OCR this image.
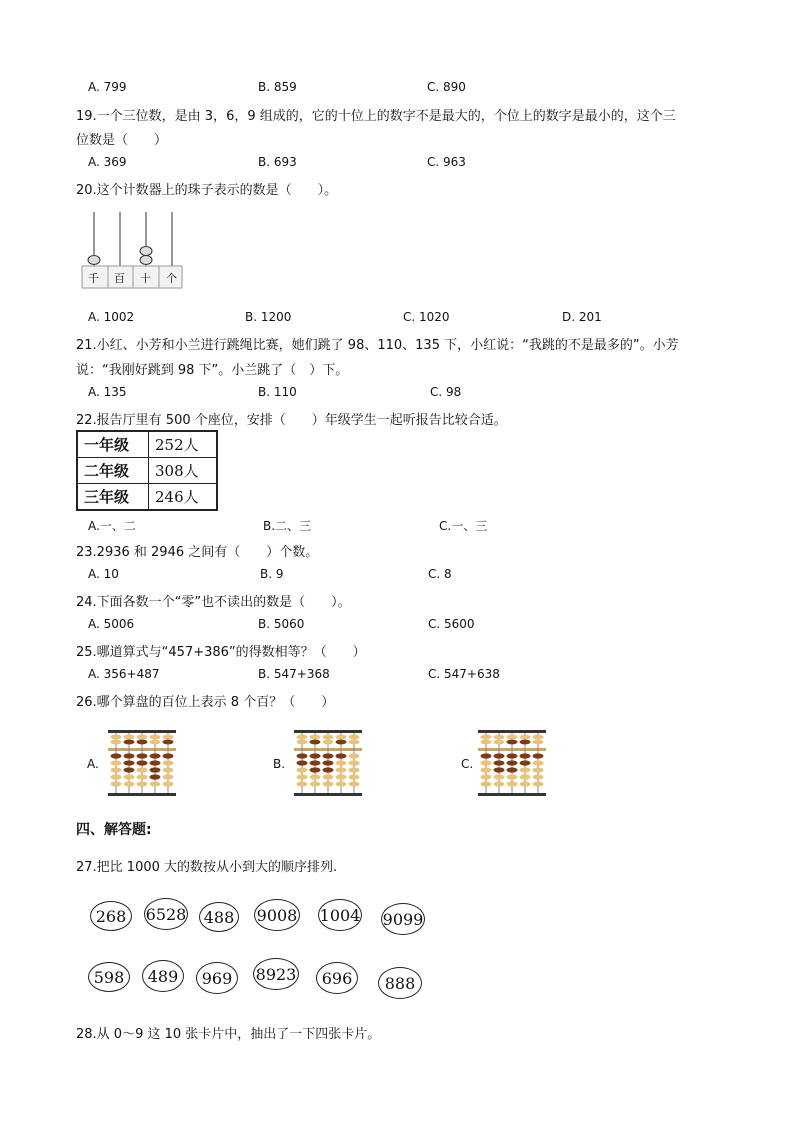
A. 799	B. 859	C. 890
19.一个三位数，是由 3，6，9 组成的，它的十位上的数字不是最大的，个位上的数字是最小的，这个三
位数是（　　）
A. 369	B. 693	C. 963
20.这个计数器上的珠子表示的数是（　　）。
千 百 十 个
A. 1002	B. 1200	C. 1020	D. 201
21.小红、小芳和小兰进行跳绳比赛，她们跳了 98、110、135 下，小红说：“我跳的不是最多的”。小芳
说：“我刚好跳到 98 下”。小兰跳了（　）下。
A. 135	B. 110	C. 98
22.报告厅里有 500 个座位，安排（　　）年级学生一起听报告比较合适。
一年级	252人
二年级	308人
三年级	246人
A.一、二	B.二、三	C.一、三
23.2936 和 2946 之间有（　　）个数。
A. 10	B. 9	C. 8
24.下面各数一个“零”也不读出的数是（　　）。
A. 5006	B. 5060	C. 5600
25.哪道算式与“457+386”的得数相等？（　　）
A. 356+487	B. 547+368	C. 547+638
26.哪个算盘的百位上表示 8 个百？（　　）
A.	B.	C.
四、解答题:
27.把比 1000 大的数按从小到大的顺序排列.
268	6528 488 9008 1004 9099
598	489	969	8923	696	888
28.从 0～9 这 10 张卡片中，抽出了一下四张卡片。
